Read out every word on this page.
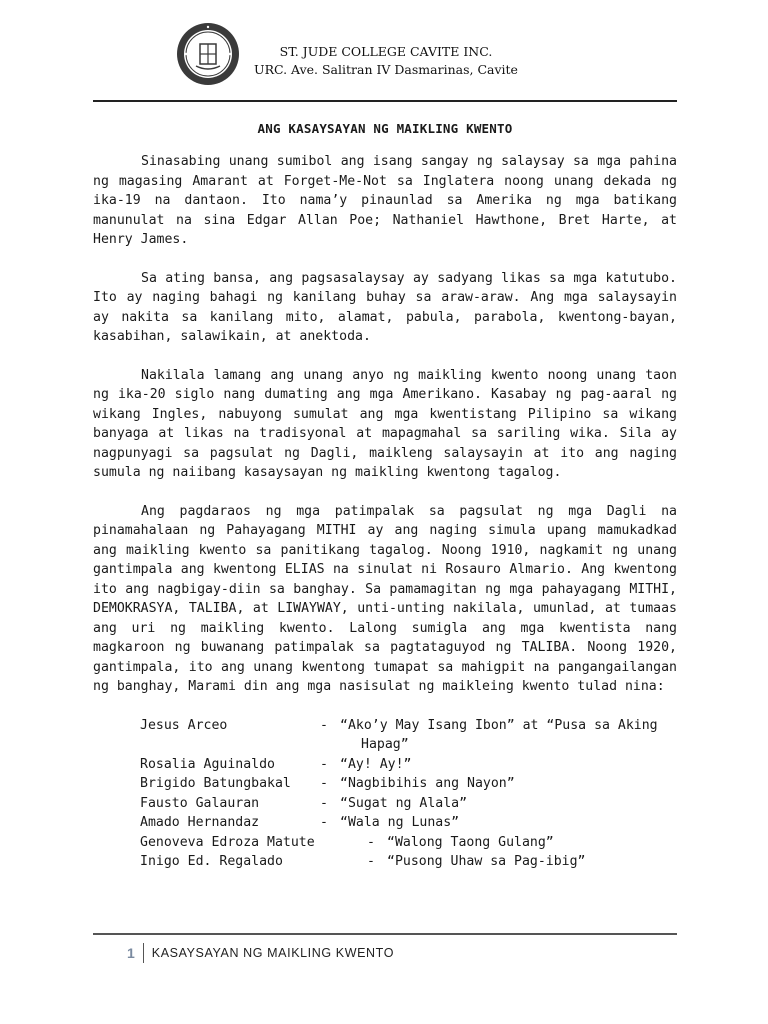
ST. JUDE COLLEGE CAVITE INC.
URC. Ave. Salitran IV Dasmarinas, Cavite
ANG KASAYSAYAN NG MAIKLING KWENTO

Sinasabing unang sumibol ang isang sangay ng salaysay sa mga pahina ng magasing Amarant at Forget-Me-Not sa Inglatera noong unang dekada ng ika-19 na dantaon. Ito nama’y pinaunlad sa Amerika ng mga batikang manunulat na sina Edgar Allan Poe; Nathaniel Hawthone, Bret Harte, at Henry James.

Sa ating bansa, ang pagsasalaysay ay sadyang likas sa mga katutubo. Ito ay naging bahagi ng kanilang buhay sa araw-araw. Ang mga salaysayin ay nakita sa kanilang mito, alamat, pabula, parabola, kwentong-bayan, kasabihan, salawikain, at anektoda.

Nakilala lamang ang unang anyo ng maikling kwento noong unang taon ng ika-20 siglo nang dumating ang mga Amerikano. Kasabay ng pag-aaral ng wikang Ingles, nabuyong sumulat ang mga kwentistang Pilipino sa wikang banyaga at likas na tradisyonal at mapagmahal sa sariling wika. Sila ay nagpunyagi sa pagsulat ng Dagli, maikleng salaysayin at ito ang naging sumula ng naiibang kasaysayan ng maikling kwentong tagalog.

Ang pagdaraos ng mga patimpalak sa pagsulat ng mga Dagli na pinamahalaan ng Pahayagang MITHI ay ang naging simula upang mamukadkad ang maikling kwento sa panitikang tagalog. Noong 1910, nagkamit ng unang gantimpala ang kwentong ELIAS na sinulat ni Rosauro Almario. Ang kwentong ito ang nagbigay-diin sa banghay. Sa pamamagitan ng mga pahayagang MITHI, DEMOKRASYA, TALIBA, at LIWAYWAY, unti-unting nakilala, umunlad, at tumaas ang uri ng maikling kwento. Lalong sumigla ang mga kwentista nang magkaroon ng buwanang patimpalak sa pagtataguyod ng TALIBA. Noong 1920, gantimpala, ito ang unang kwentong tumapat sa mahigpit na pangangailangan ng banghay, Marami din ang mga nasisulat ng maikleing kwento tulad nina:

Jesus Arceo	- “Ako’y May Isang Ibon” at “Pusa sa Aking
Hapag”
Rosalia Aguinaldo	- “Ay! Ay!”
Brigido Batungbakal	- “Nagbibihis ang Nayon”
Fausto Galauran	- “Sugat ng Alala”
Amado Hernandaz	- “Wala ng Lunas”
Genoveva Edroza Matute	- “Walong Taong Gulang”
Inigo Ed. Regalado	- “Pusong Uhaw sa Pag-ibig”
1	KASAYSAYAN NG MAIKLING KWENTO
